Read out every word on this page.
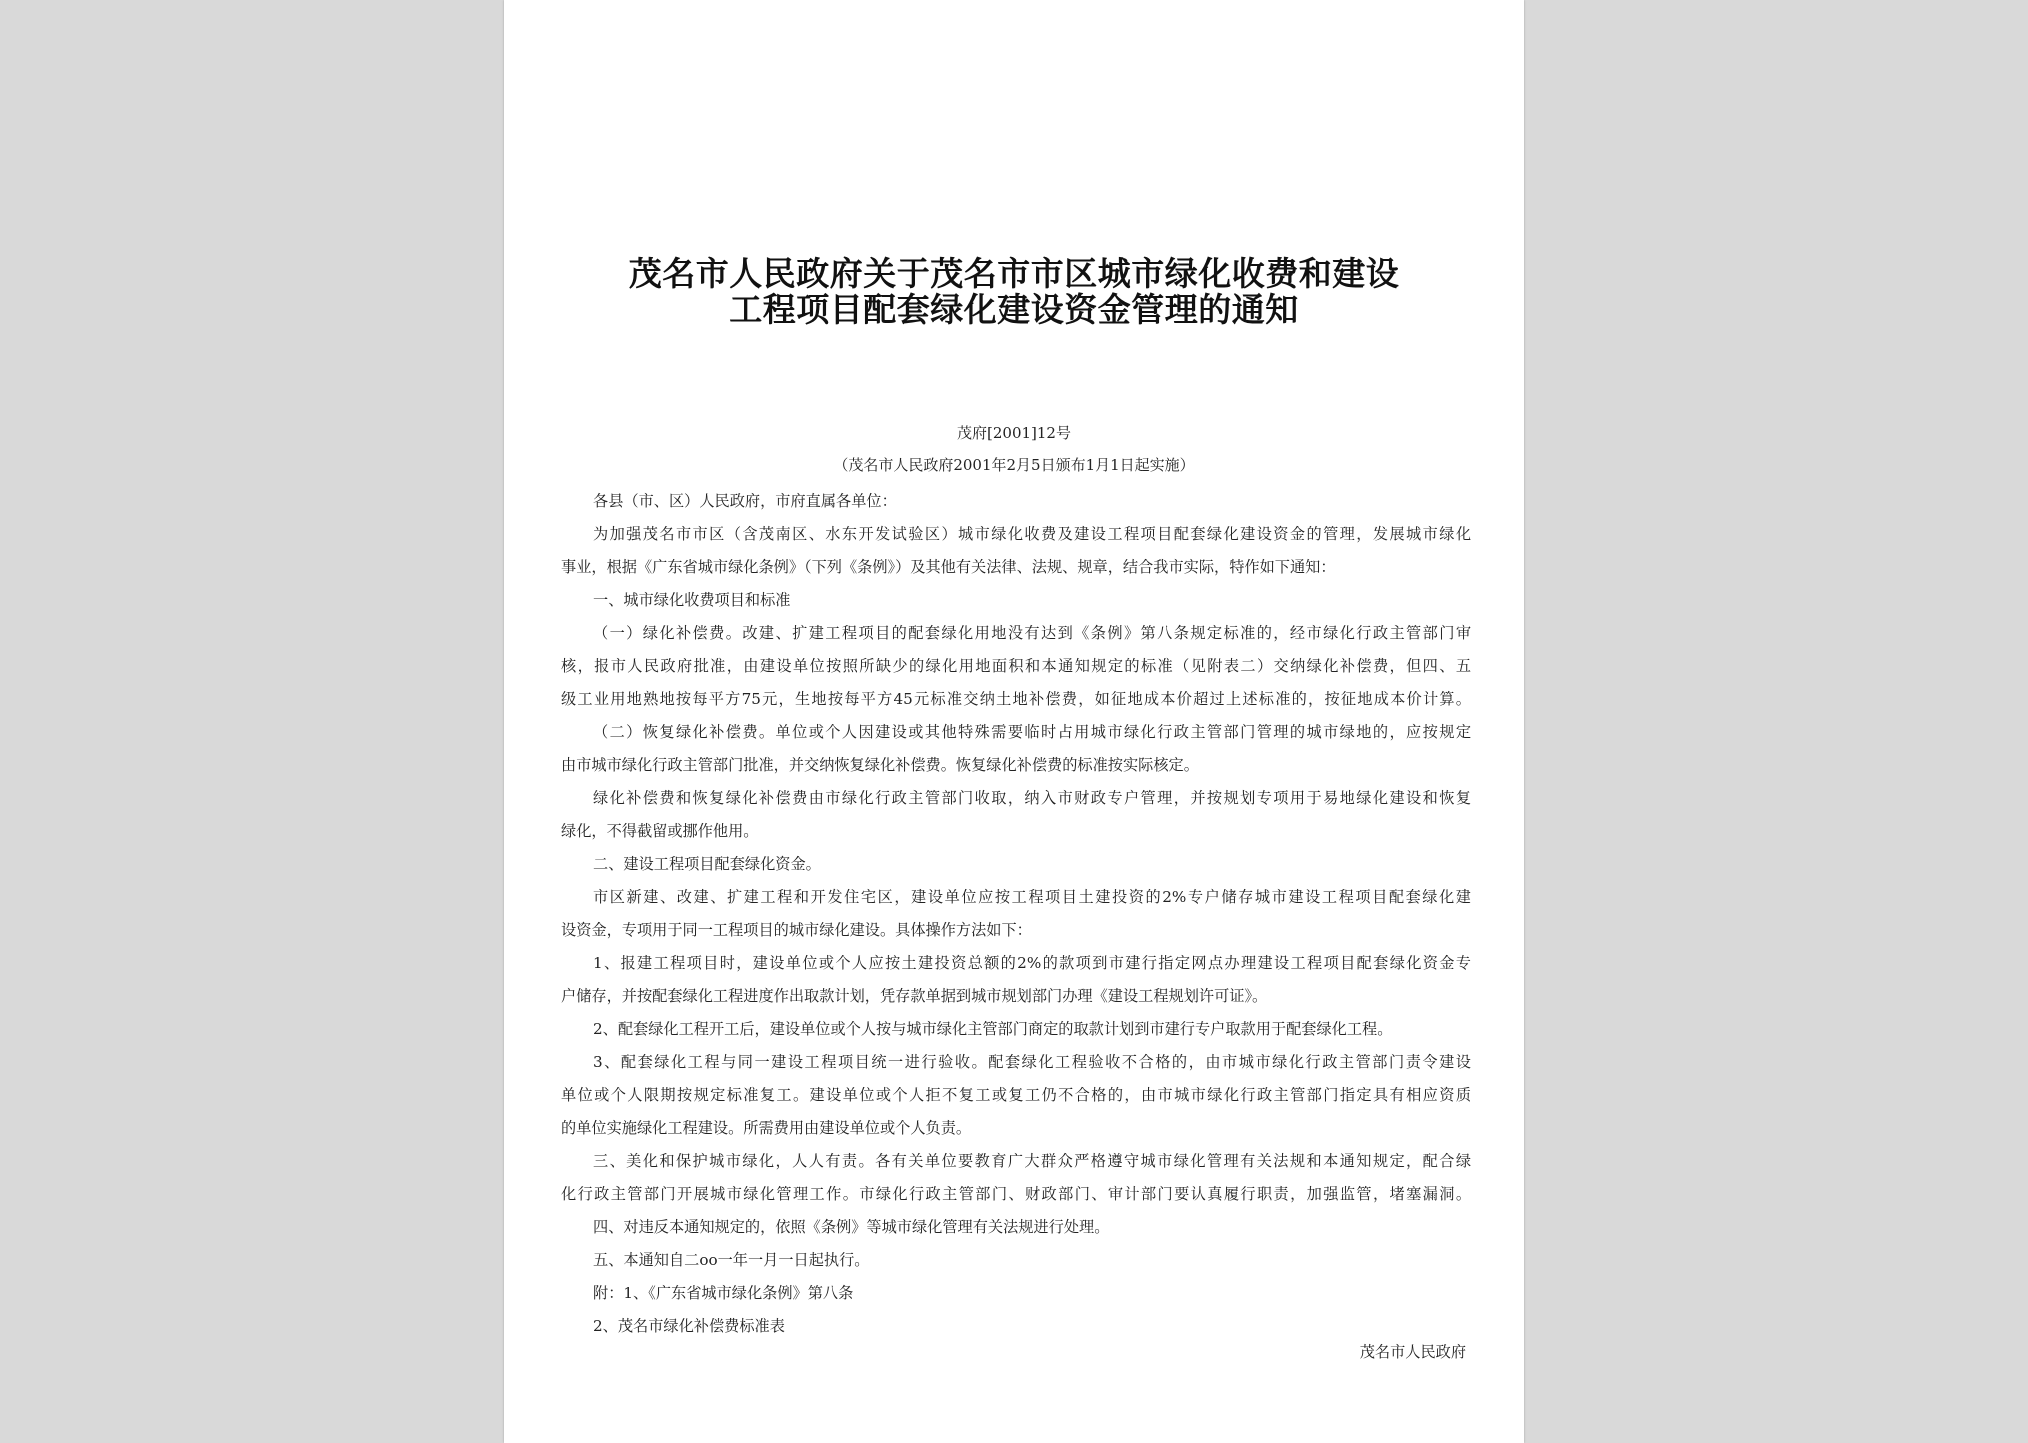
茂名市人民政府关于茂名市市区城市绿化收费和建设
工程项目配套绿化建设资金管理的通知
茂府[2001]12号
（茂名市人民政府2001年2月5日颁布1月1日起实施）
各县（市、区）人民政府，市府直属各单位：
为加强茂名市市区（含茂南区、水东开发试验区）城市绿化收费及建设工程项目配套绿化建设资金的管理，发展城市绿化
事业，根据《广东省城市绿化条例》（下列《条例》）及其他有关法律、法规、规章，结合我市实际，特作如下通知：
一、城市绿化收费项目和标准
（一）绿化补偿费。改建、扩建工程项目的配套绿化用地没有达到《条例》第八条规定标准的，经市绿化行政主管部门审
核，报市人民政府批准，由建设单位按照所缺少的绿化用地面积和本通知规定的标准（见附表二）交纳绿化补偿费，但四、五
级工业用地熟地按每平方75元，生地按每平方45元标准交纳土地补偿费，如征地成本价超过上述标准的，按征地成本价计算。
（二）恢复绿化补偿费。单位或个人因建设或其他特殊需要临时占用城市绿化行政主管部门管理的城市绿地的，应按规定
由市城市绿化行政主管部门批准，并交纳恢复绿化补偿费。恢复绿化补偿费的标准按实际核定。
绿化补偿费和恢复绿化补偿费由市绿化行政主管部门收取，纳入市财政专户管理，并按规划专项用于易地绿化建设和恢复
绿化，不得截留或挪作他用。
二、建设工程项目配套绿化资金。
市区新建、改建、扩建工程和开发住宅区，建设单位应按工程项目土建投资的2%专户储存城市建设工程项目配套绿化建
设资金，专项用于同一工程项目的城市绿化建设。具体操作方法如下：
1、报建工程项目时，建设单位或个人应按土建投资总额的2%的款项到市建行指定网点办理建设工程项目配套绿化资金专
户储存，并按配套绿化工程进度作出取款计划，凭存款单据到城市规划部门办理《建设工程规划许可证》。
2、配套绿化工程开工后，建设单位或个人按与城市绿化主管部门商定的取款计划到市建行专户取款用于配套绿化工程。
3、配套绿化工程与同一建设工程项目统一进行验收。配套绿化工程验收不合格的，由市城市绿化行政主管部门责令建设
单位或个人限期按规定标准复工。建设单位或个人拒不复工或复工仍不合格的，由市城市绿化行政主管部门指定具有相应资质
的单位实施绿化工程建设。所需费用由建设单位或个人负责。
三、美化和保护城市绿化，人人有责。各有关单位要教育广大群众严格遵守城市绿化管理有关法规和本通知规定，配合绿
化行政主管部门开展城市绿化管理工作。市绿化行政主管部门、财政部门、审计部门要认真履行职责，加强监管，堵塞漏洞。
四、对违反本通知规定的，依照《条例》等城市绿化管理有关法规进行处理。
五、本通知自二oo一年一月一日起执行。
附：1、《广东省城市绿化条例》第八条
2、茂名市绿化补偿费标准表
茂名市人民政府
